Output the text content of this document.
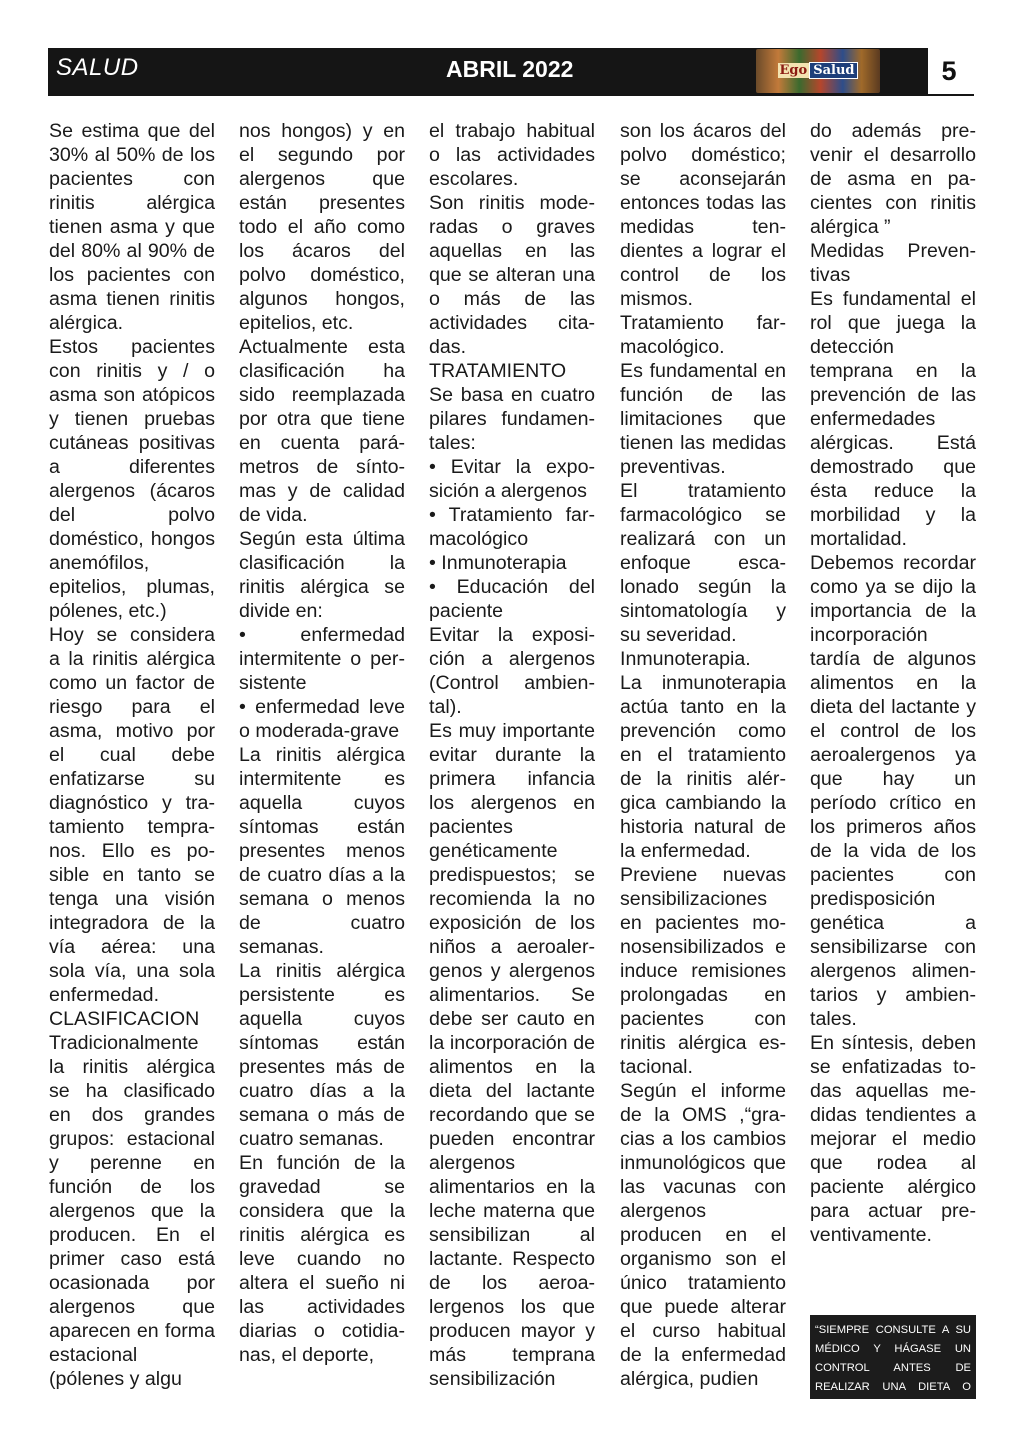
SALUD	ABRIL 2022	Ego Salud	5

Se estima que del 30% al 50% de los pacientes con rinitis alérgica tienen asma y que del 80% al 90% de los pacientes con asma tienen rinitis alérgica.

Estos pacientes con rinitis y / o asma son atópicos y tienen pruebas cutáneas positivas a diferentes alergenos (ácaros del polvo doméstico, hongos anemófilos, epitelios, plumas, pólenes, etc.)

Hoy se considera a la rinitis alérgica como un factor de riesgo para el asma, motivo por el cual debe enfatizarse su diagnóstico y tratamiento tempranos. Ello es posible en tanto se tenga una visión integradora de la vía aérea: una sola vía, una sola enfermedad.

CLASIFICACION

Tradicionalmente la rinitis alérgica se ha clasificado en dos grandes grupos: estacional y perenne en función de los alergenos que la producen. En el primer caso está ocasionada por alergenos que aparecen en forma estacional (pólenes y algu

nos hongos) y en el segundo por alergenos que están presentes todo el año como los ácaros del polvo doméstico, algunos hongos, epitelios, etc.

Actualmente esta clasificación ha sido reemplazada por otra que tiene en cuenta parámetros de síntomas y de calidad de vida.

Según esta última clasificación la rinitis alérgica se divide en:

• enfermedad intermitente o persistente

• enfermedad leve o moderada-grave

La rinitis alérgica intermitente es aquella cuyos síntomas están presentes menos de cuatro días a la semana o menos de cuatro semanas.

La rinitis alérgica persistente es aquella cuyos síntomas están presentes más de cuatro días a la semana o más de cuatro semanas.

En función de la gravedad se considera que la rinitis alérgica es leve cuando no altera el sueño ni las actividades diarias o cotidianas, el deporte,

el trabajo habitual o las actividades escolares.

Son rinitis moderadas o graves aquellas en las que se alteran una o más de las actividades citadas.

TRATAMIENTO

Se basa en cuatro pilares fundamentales:

• Evitar la exposición a alergenos

• Tratamiento farmacológico

• Inmunoterapia

• Educación del paciente

Evitar la exposición a alergenos (Control ambiental).

Es muy importante evitar durante la primera infancia los alergenos en pacientes genéticamente predispuestos; se recomienda la no exposición de los niños a aeroalergenos y alergenos alimentarios. Se debe ser cauto en la incorporación de alimentos en la dieta del lactante recordando que se pueden encontrar alergenos alimentarios en la leche materna que sensibilizan al lactante. Respecto de los aeroalergenos los que producen mayor y más temprana sensibilización

son los ácaros del polvo doméstico; se aconsejarán entonces todas las medidas tendientes a lograr el control de los mismos.

Tratamiento farmacológico.

Es fundamental en función de las limitaciones que tienen las medidas preventivas.

El tratamiento farmacológico se realizará con un enfoque escalonado según la sintomatología y su severidad.

Inmunoterapia.

La inmunoterapia actúa tanto en la prevención como en el tratamiento de la rinitis alérgica cambiando la historia natural de la enfermedad.

Previene nuevas sensibilizaciones en pacientes monosensibilizados e induce remisiones prolongadas en pacientes con rinitis alérgica estacional.

Según el informe de la OMS ,“gracias a los cambios inmunológicos que las vacunas con alergenos producen en el organismo son el único tratamiento que puede alterar el curso habitual de la enfermedad alérgica, pudien

do además prevenir el desarrollo de asma en pacientes con rinitis alérgica ”

Medidas Preventivas

Es fundamental el rol que juega la detección temprana en la prevención de las enfermedades alérgicas. Está demostrado que ésta reduce la morbilidad y la mortalidad.

Debemos recordar como ya se dijo la importancia de la incorporación tardía de algunos alimentos en la dieta del lactante y el control de los aeroalergenos ya que hay un período crítico en los primeros años de la vida de los pacientes con predisposición genética a sensibilizarse con alergenos alimentarios y ambientales.

En síntesis, deben se enfatizadas todas aquellas medidas tendientes a mejorar el medio que rodea al paciente alérgico para actuar preventivamente.

“SIEMPRE CONSULTE A SU MÉDICO Y HÁGASE UN CONTROL ANTES DE REALIZAR UNA DIETA O ACTIVADAD FÍSICA”
